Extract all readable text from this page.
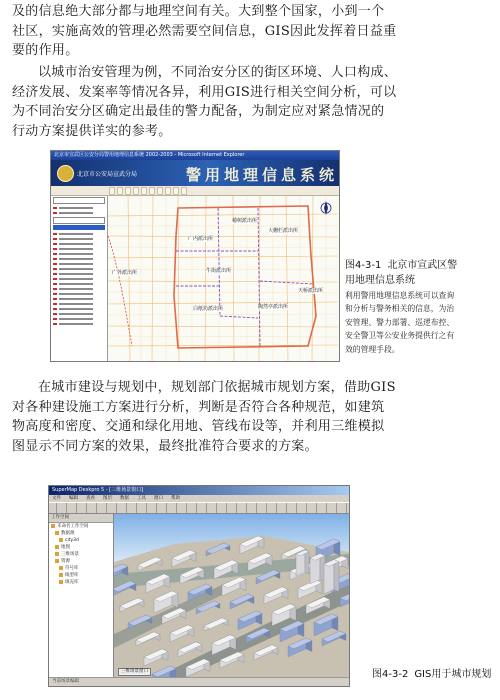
及的信息绝大部分都与地理空间有关。大到整个国家，小到一个
社区，实施高效的管理必然需要空间信息，GIS因此发挥着日益重
要的作用。
以城市治安管理为例，不同治安分区的街区环境、人口构成、
经济发展、发案率等情况各异，利用GIS进行相关空间分析，可以
为不同治安分区确定出最佳的警力配备，为制定应对紧急情况的
行动方案提供详实的参考。
北京市宣武区公安分局警用地理信息系统 2002-2003 - Microsoft Internet Explorer
北京市公安局宣武分局	警用地理信息系统
广内派出所
椿树派出所
大栅栏派出所
牛街派出所
广外派出所
天桥派出所
陶然亭派出所
白纸坊派出所

图4-3-1 北京市宣武区警
用地理信息系统

利用警用地理信息系统可以查询
和分析与警务相关的信息，为治
安管理、警力部署、巡逻布控、
安全警卫等公安业务提供行之有
效的管理手段。

在城市建设与规划中，规划部门依据城市规划方案，借助GIS
对各种建设施工方案进行分析，判断是否符合各种规范，如建筑
物高度和密度、交通和绿化用地、管线布设等，并利用三维模拟
图显示不同方案的效果，最终批准符合要求的方案。
SuperMap Deskpro 5 - [三维场景窗口]
文件 编辑 查看 图层 数据 工具 窗口 帮助
工作空间
未命名工作空间
数据源
city3d
地图
三维场景
资源
符号库
线型库
填充库
三维场景窗口
当前场景编辑

图4-3-2 GIS用于城市规划
